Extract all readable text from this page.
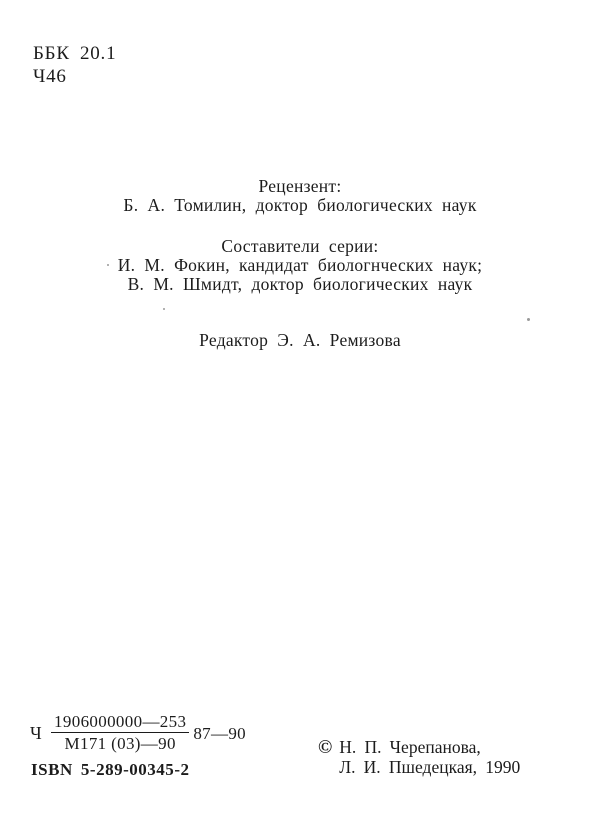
ББК 20.1
Ч46
Рецензент:
Б. А. Томилин, доктор биологических наук
Составители серии:
И. М. Фокин, кандидат биологнческих наук;
В. М. Шмидт, доктор биологических наук
Редактор Э. А. Ремизова
Ч $\frac{1906000000—253}{М171 (03)—90}$ 87—90
ISBN 5-289-00345-2
© Н. П. Черепанова,
Л. И. Пшедецкая, 1990
